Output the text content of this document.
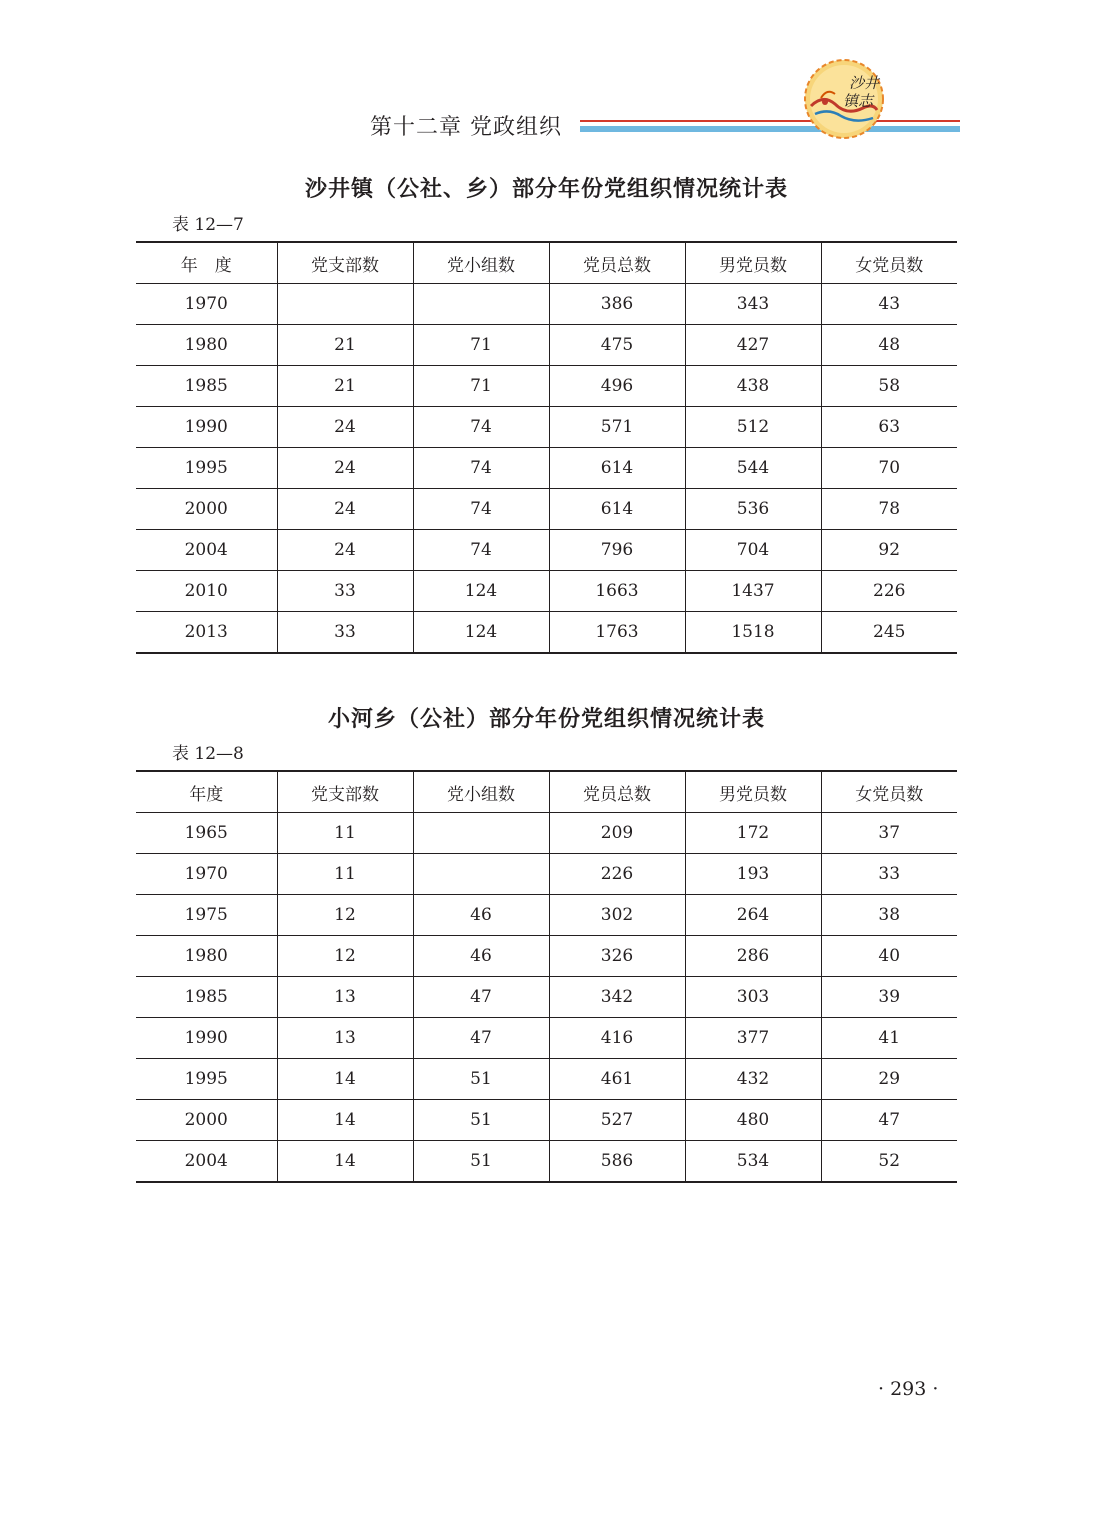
第十二章 党政组织
沙井
镇志
沙井镇（公社、乡）部分年份党组织情况统计表
表 12—7
年　度	党支部数	党小组数	党员总数	男党员数	女党员数
1970			386	343	43
1980	21	71	475	427	48
1985	21	71	496	438	58
1990	24	74	571	512	63
1995	24	74	614	544	70
2000	24	74	614	536	78
2004	24	74	796	704	92
2010	33	124	1663	1437	226
2013	33	124	1763	1518	245
小河乡（公社）部分年份党组织情况统计表
表 12—8
年度	党支部数	党小组数	党员总数	男党员数	女党员数
1965	11		209	172	37
1970	11		226	193	33
1975	12	46	302	264	38
1980	12	46	326	286	40
1985	13	47	342	303	39
1990	13	47	416	377	41
1995	14	51	461	432	29
2000	14	51	527	480	47
2004	14	51	586	534	52
· 293 ·
